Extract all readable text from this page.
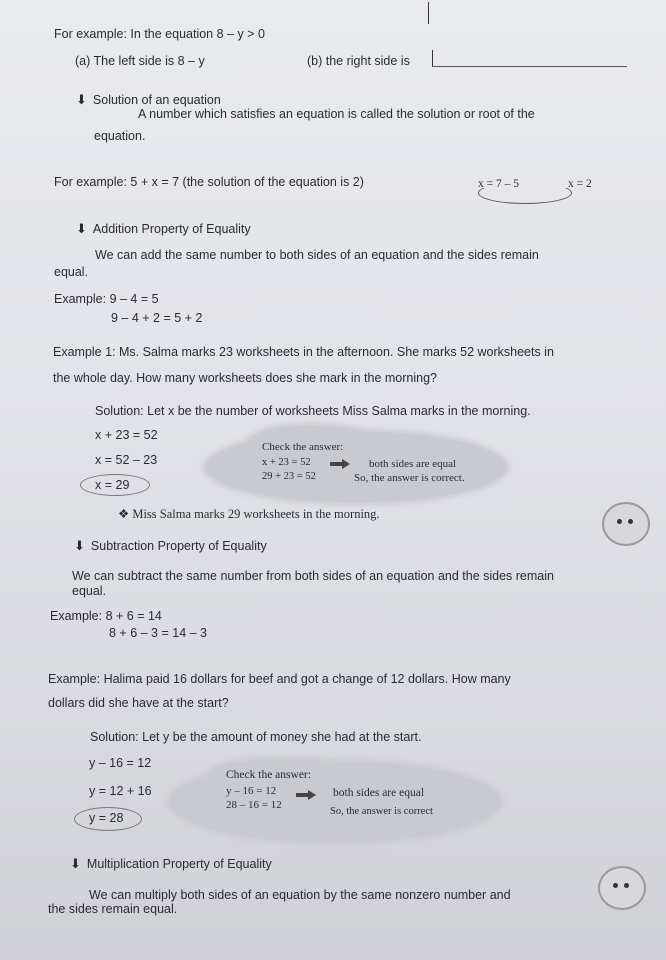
For example: In the equation 8 – y > 0
(a) The left side is 8 – y	(b) the right side is
⬇ Solution of an equation
A number which satisfies an equation is called the solution or root of the
equation.
For example: 5 + x = 7 (the solution of the equation is 2)	x = 7 – 5	x = 2
⬇ Addition Property of Equality
We can add the same number to both sides of an equation and the sides remain
equal.
Example: 9 – 4 = 5
9 – 4 + 2 = 5 + 2
Example 1: Ms. Salma marks 23 worksheets in the afternoon. She marks 52 worksheets in
the whole day. How many worksheets does she mark in the morning?
Solution: Let x be the number of worksheets Miss Salma marks in the morning.
x + 23 = 52
x = 52 – 23
Check the answer:
x + 23 = 52
29 + 23 = 52
both sides are equal
So, the answer is correct.
x = 29
❖ Miss Salma marks 29 worksheets in the morning.
⬇ Subtraction Property of Equality
We can subtract the same number from both sides of an equation and the sides remain
equal.
Example: 8 + 6 = 14
8 + 6 – 3 = 14 – 3
Example: Halima paid 16 dollars for beef and got a change of 12 dollars. How many
dollars did she have at the start?
Solution: Let y be the amount of money she had at the start.
y – 16 = 12
y = 12 + 16
Check the answer:
y – 16 = 12
28 – 16 = 12
both sides are equal
So, the answer is correct
y = 28
⬇ Multiplication Property of Equality
We can multiply both sides of an equation by the same nonzero number and
the sides remain equal.
